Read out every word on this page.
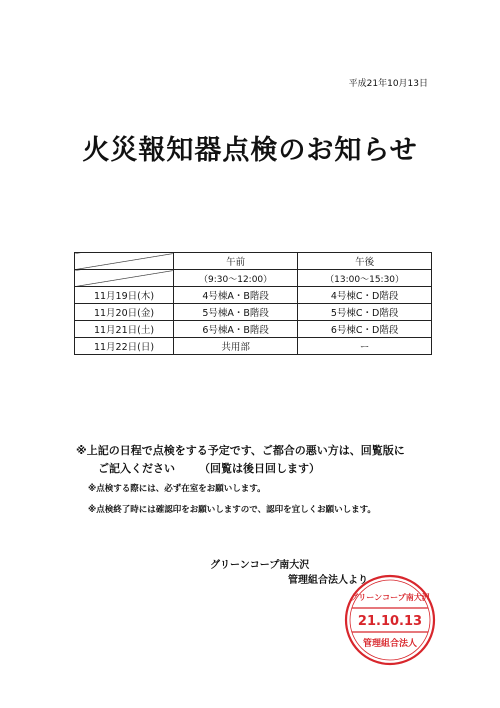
平成21年10月13日
火災報知器点検のお知らせ
	午前	午後
	（9:30～12:00）	（13:00～15:30）
11月19日(木)	4号棟A・B階段	4号棟C・D階段
11月20日(金)	5号棟A・B階段	5号棟C・D階段
11月21日(土)	6号棟A・B階段	6号棟C・D階段
11月22日(日)	共用部	ー
※上記の日程で点検をする予定です、ご都合の悪い方は、回覧版に
ご記入ください （回覧は後日回します）
※点検する際には、必ず在室をお願いします。
※点検終了時には確認印をお願いしますので、認印を宜しくお願いします。
グリーンコープ南大沢
管理組合法人より
グリーンコープ南大沢
21.10.13
管理組合法人
